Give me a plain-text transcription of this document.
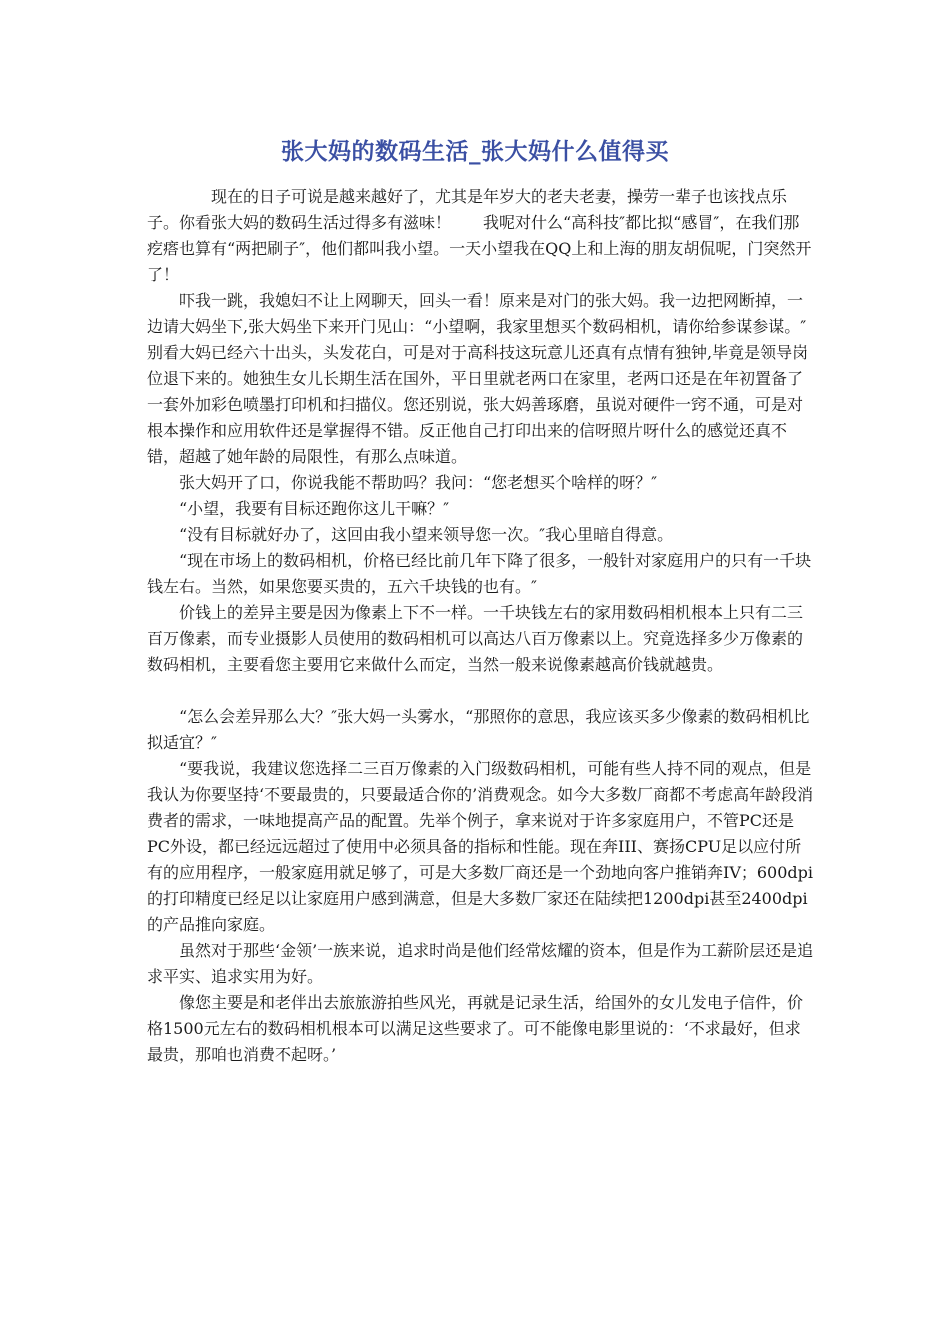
张大妈的数码生活_张大妈什么值得买

现在的日子可说是越来越好了，尤其是年岁大的老夫老妻，操劳一辈子也该找点乐子。你看张大妈的数码生活过得多有滋味！　　我呢对什么“高科技″都比拟“感冒″，在我们那疙瘩也算有“两把刷子″，他们都叫我小望。一天小望我在QQ上和上海的朋友胡侃呢，门突然开了！

吓我一跳，我媳妇不让上网聊天，回头一看！原来是对门的张大妈。我一边把网断掉，一边请大妈坐下,张大妈坐下来开门见山：“小望啊，我家里想买个数码相机，请你给参谋参谋。″别看大妈已经六十出头，头发花白，可是对于高科技这玩意儿还真有点情有独钟,毕竟是领导岗位退下来的。她独生女儿长期生活在国外，平日里就老两口在家里，老两口还是在年初置备了一套外加彩色喷墨打印机和扫描仪。您还别说，张大妈善琢磨，虽说对硬件一窍不通，可是对根本操作和应用软件还是掌握得不错。反正他自己打印出来的信呀照片呀什么的感觉还真不错，超越了她年龄的局限性，有那么点味道。

张大妈开了口，你说我能不帮助吗？我问：“您老想买个啥样的呀？″

“小望，我要有目标还跑你这儿干嘛？″

“没有目标就好办了，这回由我小望来领导您一次。″我心里暗自得意。

“现在市场上的数码相机，价格已经比前几年下降了很多，一般针对家庭用户的只有一千块钱左右。当然，如果您要买贵的，五六千块钱的也有。″

价钱上的差异主要是因为像素上下不一样。一千块钱左右的家用数码相机根本上只有二三百万像素，而专业摄影人员使用的数码相机可以高达八百万像素以上。究竟选择多少万像素的数码相机，主要看您主要用它来做什么而定，当然一般来说像素越高价钱就越贵。

“怎么会差异那么大？″张大妈一头雾水，“那照你的意思，我应该买多少像素的数码相机比拟适宜？″

“要我说，我建议您选择二三百万像素的入门级数码相机，可能有些人持不同的观点，但是我认为你要坚持‘不要最贵的，只要最适合你的’消费观念。如今大多数厂商都不考虑高年龄段消费者的需求，一味地提高产品的配置。先举个例子，拿来说对于许多家庭用户，不管PC还是PC外设，都已经远远超过了使用中必须具备的指标和性能。现在奔III、赛扬CPU足以应付所有的应用程序，一般家庭用就足够了，可是大多数厂商还是一个劲地向客户推销奔IV；600dpi的打印精度已经足以让家庭用户感到满意，但是大多数厂家还在陆续把1200dpi甚至2400dpi的产品推向家庭。

虽然对于那些‘金领’一族来说，追求时尚是他们经常炫耀的资本，但是作为工薪阶层还是追求平实、追求实用为好。

像您主要是和老伴出去旅旅游拍些风光，再就是记录生活，给国外的女儿发电子信件，价格1500元左右的数码相机根本可以满足这些要求了。可不能像电影里说的：‘不求最好，但求最贵，那咱也消费不起呀。’
